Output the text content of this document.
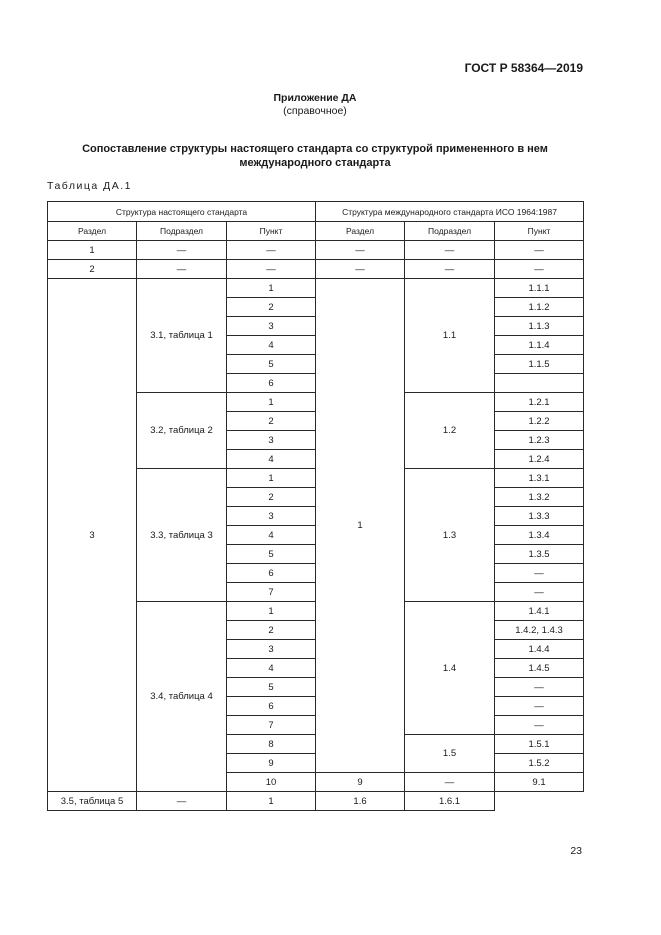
ГОСТ Р 58364—2019
Приложение ДА
(справочное)
Сопоставление структуры настоящего стандарта со структурой примененного в нем международного стандарта
Таблица ДА.1
Структура настоящего стандарта			Структура международного стандарта ИСО 1964:1987		
Раздел	Подраздел	Пункт	Раздел	Подраздел	Пункт
1	—	—	—	—	—
2	—	—	—	—	—
3	3.1, таблица 1	1	1	1.1	1.1.1
		2			1.1.2
		3			1.1.3
		4			1.1.4
		5			1.1.5
		6			
	3.2, таблица 2	1		1.2	1.2.1
		2			1.2.2
		3			1.2.3
		4			1.2.4
	3.3, таблица 3	1		1.3	1.3.1
		2			1.3.2
		3			1.3.3
		4			1.3.4
		5			1.3.5
		6			—
		7			—
	3.4, таблица 4	1		1.4	1.4.1
		2			1.4.2, 1.4.3
		3			1.4.4
		4			1.4.5
		5			—
		6			—
		7			—
		8		1.5	1.5.1
		9			1.5.2
		10	9	—	9.1
3.5, таблица 5	—	1	1.6	1.6.1	
23
